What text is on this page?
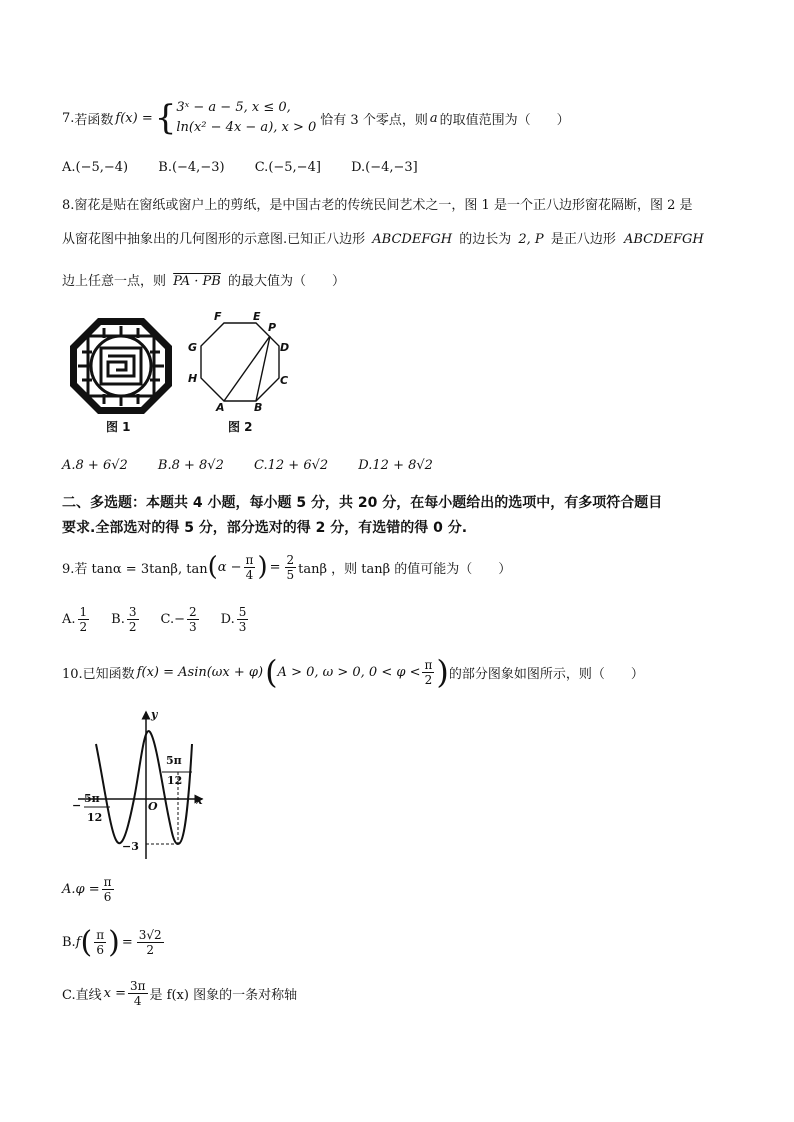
7. 若函数 f(x) = { 3ˣ − a − 5, x ≤ 0,
ln(x² − 4x − a), x > 0 恰有 3 个零点，则 a 的取值范围为（　　）
A.(−5,−4) B.(−4,−3) C.(−5,−4] D.(−4,−3]
8.窗花是贴在窗纸或窗户上的剪纸，是中国古老的传统民间艺术之一，图 1 是一个正八边形窗花隔断，图 2 是
从窗花图中抽象出的几何图形的示意图.已知正八边形 ABCDEFGH 的边长为 2, P 是正八边形 ABCDEFGH
边上任意一点，则 PA · PB 的最大值为（　　）
图 1
F	E
P
D
G
H	C
A	B
图 2
A.8 + 6√2 B.8 + 8√2 C.12 + 6√2 D.12 + 8√2
二、多选题：本题共 4 小题，每小题 5 分，共 20 分，在每小题给出的选项中，有多项符合题目
要求.全部选对的得 5 分，部分选对的得 2 分，有选错的得 0 分.
9.若 tanα = 3tanβ, tan ( $\alpha - \frac{\pi}{4}$ ) = $\frac{2}{5}$ tanβ ，则 tanβ 的值可能为（　　）
A. $\frac{1}{2} B$. $\frac{3}{2} C.- \frac{2}{3} D$. $\frac{5}{3}$
10.已知函数 f(x) = Asin(ωx + φ) ( A > 0, ω > 0, $0 < \varphi < \frac{\pi}{2}$ ) 的部分图象如图所示，则（　　）
y
x
O
5π
12
−
5π
12
−3
$A.\varphi = \frac{\pi}{6}$
B. f ( $\frac{\pi}{6}$ ) = $\frac{3√2}{2}$
C.直线 $x = \frac{3\pi}{4}$ 是 f(x) 图象的一条对称轴
